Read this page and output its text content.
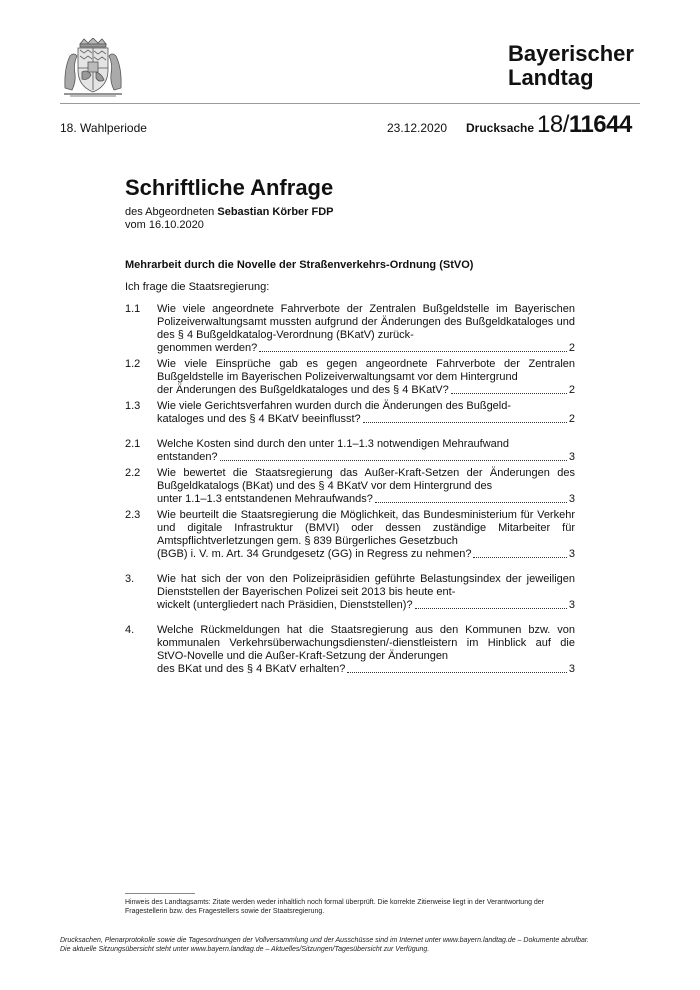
Bayerischer
Landtag
18. Wahlperiode	23.12.2020 Drucksache 18/11644
Schriftliche Anfrage
des Abgeordneten Sebastian Körber FDP
vom 16.10.2020
Mehrarbeit durch die Novelle der Straßenverkehrs-Ordnung (StVO)
Ich frage die Staatsregierung:
1.1 Wie viele angeordnete Fahrverbote der Zentralen Bußgeldstelle im Bayerischen Polizeiverwaltungsamt mussten aufgrund der Änderungen des Bußgeldkataloges und des § 4 Bußgeldkatalog-Verordnung (BKatV) zurück-
genommen werden?	2
1.2 Wie viele Einsprüche gab es gegen angeordnete Fahrverbote der Zentralen Bußgeldstelle im Bayerischen Polizeiverwaltungsamt vor dem Hintergrund
der Änderungen des Bußgeldkataloges und des § 4 BKatV?	2
1.3 Wie viele Gerichtsverfahren wurden durch die Änderungen des Bußgeld-
kataloges und des § 4 BKatV beeinflusst?	2
2.1 Welche Kosten sind durch den unter 1.1–1.3 notwendigen Mehraufwand
entstanden?	3
2.2 Wie bewertet die Staatsregierung das Außer-Kraft-Setzen der Änderungen des Bußgeldkatalogs (BKat) und des § 4 BKatV vor dem Hintergrund des
unter 1.1–1.3 entstandenen Mehraufwands?	3
2.3 Wie beurteilt die Staatsregierung die Möglichkeit, das Bundesministerium für Verkehr und digitale Infrastruktur (BMVI) oder dessen zuständige Mitarbeiter für Amtspflichtverletzungen gem. § 839 Bürgerliches Gesetzbuch
(BGB) i. V. m. Art. 34 Grundgesetz (GG) in Regress zu nehmen?	3
3. Wie hat sich der von den Polizeipräsidien geführte Belastungsindex der jeweiligen Dienststellen der Bayerischen Polizei seit 2013 bis heute ent-
wickelt (untergliedert nach Präsidien, Dienststellen)?	3
4. Welche Rückmeldungen hat die Staatsregierung aus den Kommunen bzw. von kommunalen Verkehrsüberwachungsdiensten/-dienstleistern im Hinblick auf die StVO-Novelle und die Außer-Kraft-Setzung der Änderungen
des BKat und des § 4 BKatV erhalten?	3
Hinweis des Landtagsamts: Zitate werden weder inhaltlich noch formal überprüft. Die korrekte Zitierweise liegt in der Verantwortung der Fragestellerin bzw. des Fragestellers sowie der Staatsregierung.
Drucksachen, Plenarprotokolle sowie die Tagesordnungen der Vollversammlung und der Ausschüsse sind im Internet unter www.bayern.landtag.de – Dokumente abrufbar.
Die aktuelle Sitzungsübersicht steht unter www.bayern.landtag.de – Aktuelles/Sitzungen/Tagesübersicht zur Verfügung.
